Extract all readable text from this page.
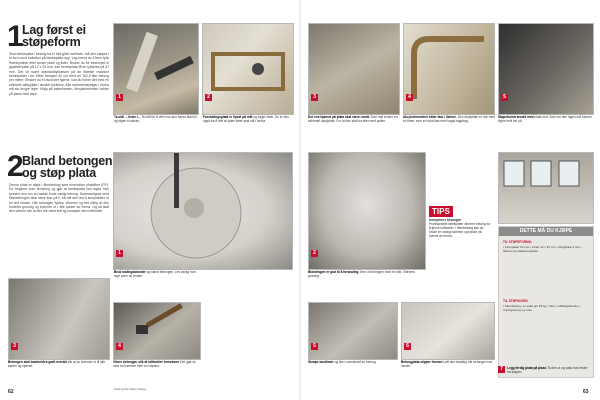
1
Lag først ei
støpeform
Skal benkeplata i betong ha ei helt glatt overflate, må den støpes i ei form med bakoften på benkeplata opp. Lag forma av 19mm tykk finerkrysfiner eller annen plate og lister. Bruker du for eksempel ei gipsfiberplate på 12 x 25 mm, kan benkeplata få en tykkelse på 37 mm. Det vil svare standardtykkelsen på de flateste massive benkeplater i tre. Mind beregne 60 cm bred en 162,5 liter betong per meter. Ønsker du et avrundet hjørne, kan du forme det med en strimmel aktylplate i ønsket tykkelse. Alle sammenføyinger i forma må sin lengre linjer. Klipp på bakerkanten. Akrylstrimmelen holder på plass med tape.
1
Ta mål ... lister i... Ta mål for å vite hvor stor forma skal bli, og skjær til skiven.
2
Forskalingsplata er lipset på mål og sager lister. Du er den også fra å vite at siden lister skal stå i forma.
2
Bland betongen
og støp plata
Denne plata er støpt i fiberbetong som inneholder plastfiber (PP). De fungerer som armering og gjør at benkeplata kan lages mye tynnere enn om du hadde brukt vanlig betong. Sammenlignet med fiberbetongen skal være klar på ti, så må den lett å kompaktere til en tett masse. Når betongen tyktes, vibreres og det viktig at den fordeles grundig og kommer ut i alle kanter av forma. Og så skal den vibrere slik at den blir mest tett og kompakt uten luftbobler.
1
Bruk malingsblander og bland betongen. Les vanlig hvor mye vann du bruker.
3
Betongen skal bearbeides godt overalt slik at du kommer ut til alle kanter og hjørner.
4
Vibrer betongen slik at luftbobler forsvinner Det gjør du med en hammer eller en vibrator.
62	Tekst og foto: Bo(s) & Bygg
3
Det ene hjørnet på plata skal være rundt. Som mal bruker en strimmel akrylplate. For at den skal ha eller med spiker.
4
Akrylstrimmelen sitter fast i listene. Den akrylplate er nok med en limer, som er holdt fast med kappt sagdrag.
5
Støpeforma snudd med plata mot. Selv om den lages må formen flytes hellt inn på.
2
Blandingen er god til å forskaling Jevn ut betongen med en lekt. Vibreres grundig.
TIPS
Komprimer betongen
Profesjonelle fabrikanter vibrerer betong for å fjerne luftbobler. I fiberbetong kan du bruke en vanlig hammer og banke på sidene av forma.
DETTE MÅ DU KJØPE
TIL STØPEFORMA:
• Finerplater 19 mm • Lister 12 x 25 mm • Akrylplate 3 mm • Skruer og maskeringstape
TIL STØPINGEN:
• Fiberbetong, en sekk per 25 kg • Vann • Malingsblander • Impregnering og voks
5
Skrape kantlister og fjern overskudd av betong.
6
Betongplata slipper formen Løft den forsiktig når betongen har herdet.	7	Legg ferdig plata på plass Ta den ut og vask bort rester fra støpen.
63
